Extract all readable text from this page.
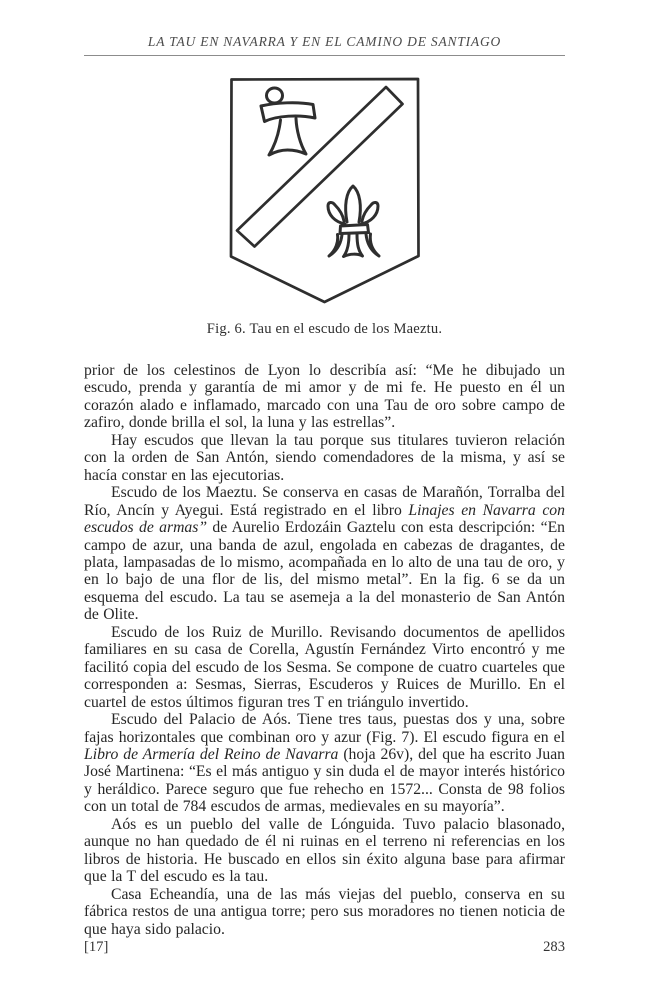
LA TAU EN NAVARRA Y EN EL CAMINO DE SANTIAGO
Fig. 6. Tau en el escudo de los Maeztu.

prior de los celestinos de Lyon lo describía así: “Me he dibujado un escudo, prenda y garantía de mi amor y de mi fe. He puesto en él un corazón alado e inflamado, marcado con una Tau de oro sobre campo de zafiro, donde brilla el sol, la luna y las estrellas”.

Hay escudos que llevan la tau porque sus titulares tuvieron relación con la orden de San Antón, siendo comendadores de la misma, y así se hacía constar en las ejecutorias.

Escudo de los Maeztu. Se conserva en casas de Marañón, Torralba del Río, Ancín y Ayegui. Está registrado en el libro Linajes en Navarra con escudos de armas” de Aurelio Erdozáin Gaztelu con esta descripción: “En campo de azur, una banda de azul, engolada en cabezas de dragantes, de plata, lampasadas de lo mismo, acompañada en lo alto de una tau de oro, y en lo bajo de una flor de lis, del mismo metal”. En la fig. 6 se da un esquema del escudo. La tau se asemeja a la del monasterio de San Antón de Olite.

Escudo de los Ruiz de Murillo. Revisando documentos de apellidos familiares en su casa de Corella, Agustín Fernández Virto encontró y me facilitó copia del escudo de los Sesma. Se compone de cuatro cuarteles que corresponden a: Sesmas, Sierras, Escuderos y Ruices de Murillo. En el cuartel de estos últimos figuran tres T en triángulo invertido.

Escudo del Palacio de Aós. Tiene tres taus, puestas dos y una, sobre fajas horizontales que combinan oro y azur (Fig. 7). El escudo figura en el Libro de Armería del Reino de Navarra (hoja 26v), del que ha escrito Juan José Martinena: “Es el más antiguo y sin duda el de mayor interés histórico y heráldico. Parece seguro que fue rehecho en 1572... Consta de 98 folios con un total de 784 escudos de armas, medievales en su mayoría”.

Aós es un pueblo del valle de Lónguida. Tuvo palacio blasonado, aunque no han quedado de él ni ruinas en el terreno ni referencias en los libros de historia. He buscado en ellos sin éxito alguna base para afirmar que la T del escudo es la tau.

Casa Echeandía, una de las más viejas del pueblo, conserva en su fábrica restos de una antigua torre; pero sus moradores no tienen noticia de que haya sido palacio.

[17]	283
